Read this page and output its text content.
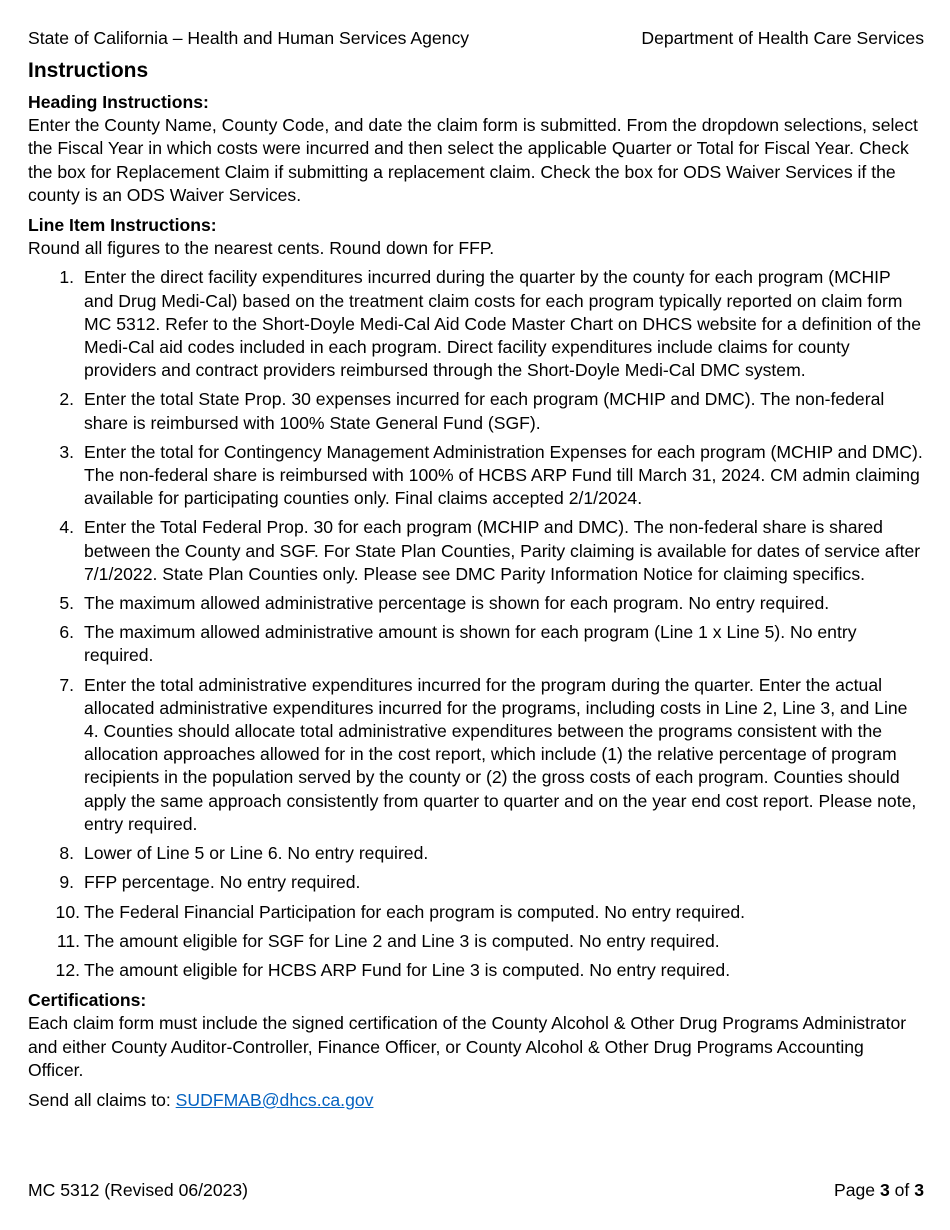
State of California – Health and Human Services Agency	Department of Health Care Services
Instructions

Heading Instructions:

Enter the County Name, County Code, and date the claim form is submitted. From the dropdown selections, select the Fiscal Year in which costs were incurred and then select the applicable Quarter or Total for Fiscal Year. Check the box for Replacement Claim if submitting a replacement claim. Check the box for ODS Waiver Services if the county is an ODS Waiver Services.

Line Item Instructions:

Round all figures to the nearest cents. Round down for FFP.

1. Enter the direct facility expenditures incurred during the quarter by the county for each program (MCHIP and Drug Medi-Cal) based on the treatment claim costs for each program typically reported on claim form MC 5312. Refer to the Short-Doyle Medi-Cal Aid Code Master Chart on DHCS website for a definition of the Medi-Cal aid codes included in each program. Direct facility expenditures include claims for county providers and contract providers reimbursed through the Short-Doyle Medi-Cal DMC system.
2. Enter the total State Prop. 30 expenses incurred for each program (MCHIP and DMC). The non-federal share is reimbursed with 100% State General Fund (SGF).
3. Enter the total for Contingency Management Administration Expenses for each program (MCHIP and DMC). The non-federal share is reimbursed with 100% of HCBS ARP Fund till March 31, 2024. CM admin claiming available for participating counties only. Final claims accepted 2/1/2024.
4. Enter the Total Federal Prop. 30 for each program (MCHIP and DMC). The non-federal share is shared between the County and SGF. For State Plan Counties, Parity claiming is available for dates of service after 7/1/2022. State Plan Counties only. Please see DMC Parity Information Notice for claiming specifics.
5. The maximum allowed administrative percentage is shown for each program. No entry required.
6. The maximum allowed administrative amount is shown for each program (Line 1 x Line 5). No entry required.
7. Enter the total administrative expenditures incurred for the program during the quarter. Enter the actual allocated administrative expenditures incurred for the programs, including costs in Line 2, Line 3, and Line 4. Counties should allocate total administrative expenditures between the programs consistent with the allocation approaches allowed for in the cost report, which include (1) the relative percentage of program recipients in the population served by the county or (2) the gross costs of each program. Counties should apply the same approach consistently from quarter to quarter and on the year end cost report. Please note, entry required.
8. Lower of Line 5 or Line 6. No entry required.
9. FFP percentage. No entry required.
10. The Federal Financial Participation for each program is computed. No entry required.
11. The amount eligible for SGF for Line 2 and Line 3 is computed. No entry required.
12. The amount eligible for HCBS ARP Fund for Line 3 is computed. No entry required.

Certifications:

Each claim form must include the signed certification of the County Alcohol & Other Drug Programs Administrator and either County Auditor-Controller, Finance Officer, or County Alcohol & Other Drug Programs Accounting Officer.

Send all claims to: SUDFMAB@dhcs.ca.gov

MC 5312 (Revised 06/2023)	Page 3 of 3
